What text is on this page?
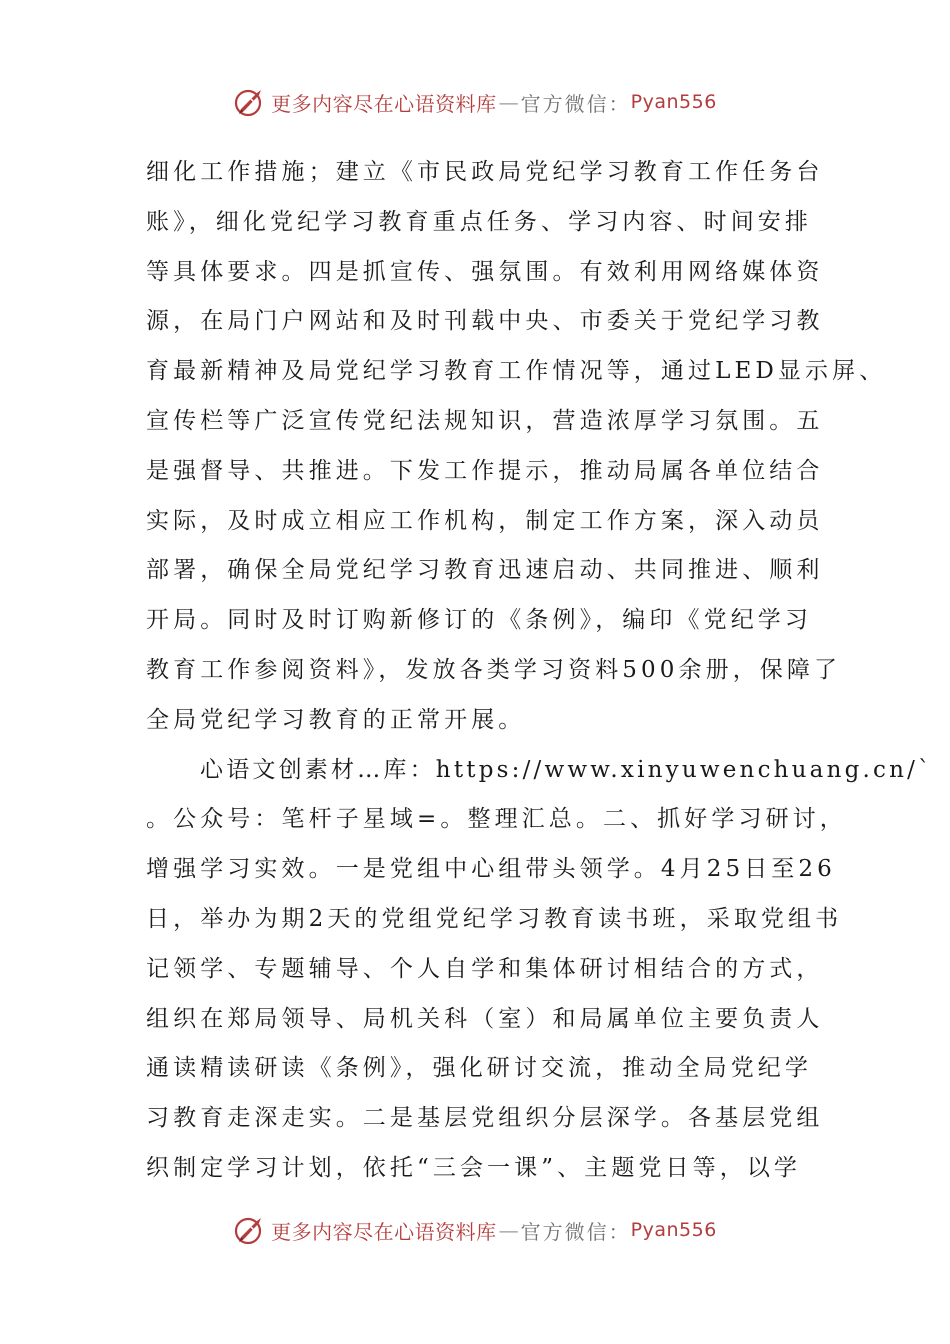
更多内容尽在心语资料库 — 官方微信： Pyan556
细化工作措施；建立《市民政局党纪学习教育工作任务台
账》，细化党纪学习教育重点任务、学习内容、时间安排
等具体要求。四是抓宣传、强氛围。有效利用网络媒体资
源，在局门户网站和及时刊载中央、市委关于党纪学习教
育最新精神及局党纪学习教育工作情况等，通过LED显示屏、
宣传栏等广泛宣传党纪法规知识，营造浓厚学习氛围。五
是强督导、共推进。下发工作提示，推动局属各单位结合
实际，及时成立相应工作机构，制定工作方案，深入动员
部署，确保全局党纪学习教育迅速启动、共同推进、顺利
开局。同时及时订购新修订的《条例》，编印《党纪学习
教育工作参阅资料》，发放各类学习资料500余册，保障了
全局党纪学习教育的正常开展。
心语文创素材…库：https://www.xinyuwenchuang.cn/`
。公众号：笔杆子星域=。整理汇总。二、抓好学习研讨，
增强学习实效。一是党组中心组带头领学。4月25日至26
日，举办为期2天的党组党纪学习教育读书班，采取党组书
记领学、专题辅导、个人自学和集体研讨相结合的方式，
组织在郑局领导、局机关科（室）和局属单位主要负责人
通读精读研读《条例》，强化研讨交流，推动全局党纪学
习教育走深走实。二是基层党组织分层深学。各基层党组
织制定学习计划，依托“三会一课”、主题党日等，以学
更多内容尽在心语资料库 — 官方微信： Pyan556
